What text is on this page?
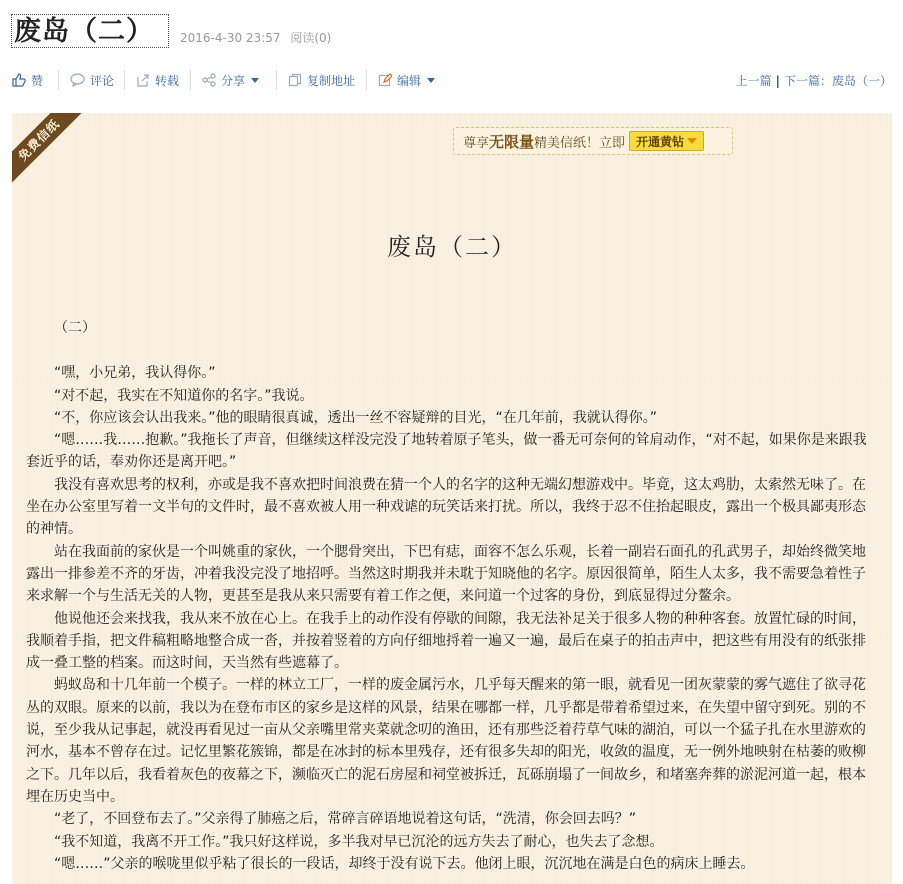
废岛（二） 2016-4-30 23:57 阅读(0)
赞	评论	转载	分享	复制地址	编辑	上一篇 | 下一篇：废岛（一）
免费信纸	尊享 无限量 精美信纸！立即 开通黄钻
废岛（二）

（二）

“嘿，小兄弟，我认得你。”

“对不起，我实在不知道你的名字。”我说。

“不，你应该会认出我来。”他的眼睛很真诚，透出一丝不容疑辩的目光，“在几年前，我就认得你。”

“嗯……我……抱歉。”我拖长了声音，但继续这样没完没了地转着原子笔头，做一番无可奈何的耸肩动作，“对不起，如果你是来跟我套近乎的话，奉劝你还是离开吧。”

我没有喜欢思考的权利，亦或是我不喜欢把时间浪费在猜一个人的名字的这种无端幻想游戏中。毕竟，这太鸡肋，太索然无味了。在坐在办公室里写着一文半句的文件时，最不喜欢被人用一种戏谑的玩笑话来打扰。所以，我终于忍不住抬起眼皮，露出一个极具鄙夷形态的神情。

站在我面前的家伙是一个叫姚重的家伙，一个腮骨突出，下巴有痣，面容不怎么乐观，长着一副岩石面孔的孔武男子，却始终微笑地露出一排参差不齐的牙齿，冲着我没完没了地招呼。当然这时期我并未耽于知晓他的名字。原因很简单，陌生人太多，我不需要急着性子来求解一个与生活无关的人物，更甚至是我从来只需要有着工作之便，来问道一个过客的身份，到底显得过分鳌余。

他说他还会来找我，我从来不放在心上。在我手上的动作没有停歇的间隙，我无法补足关于很多人物的种种客套。放置忙碌的时间，我顺着手指，把文件稿粗略地整合成一沓，并按着竖着的方向仔细地捋着一遍又一遍，最后在桌子的拍击声中，把这些有用没有的纸张排成一叠工整的档案。而这时间，天当然有些遮幕了。

蚂蚁岛和十几年前一个模子。一样的林立工厂，一样的废金属污水，几乎每天醒来的第一眼，就看见一团灰蒙蒙的雾气遮住了欲寻花丛的双眼。原来的以前，我以为在登布市区的家乡是这样的风景，结果在哪都一样，几乎都是带着希望过来，在失望中留守到死。别的不说，至少我从记事起，就没再看见过一亩从父亲嘴里常夹菜就念叨的渔田，还有那些泛着荇草气味的湖泊，可以一个猛子扎在水里游欢的河水，基本不曾存在过。记忆里繁花簇锦，都是在冰封的标本里残存，还有很多失却的阳光，收敛的温度，无一例外地映射在枯萎的败柳之下。几年以后，我看着灰色的夜幕之下，濒临灭亡的泥石房屋和祠堂被拆迁，瓦砾崩塌了一间故乡，和堵塞奔葬的淤泥河道一起，根本埋在历史当中。

“老了，不回登布去了。”父亲得了肺癌之后，常碎言碎语地说着这句话，“洗清，你会回去吗？”

“我不知道，我离不开工作。”我只好这样说，多半我对早已沉沦的远方失去了耐心，也失去了念想。

“嗯……”父亲的喉咙里似乎粘了很长的一段话，却终于没有说下去。他闭上眼，沉沉地在满是白色的病床上睡去。
